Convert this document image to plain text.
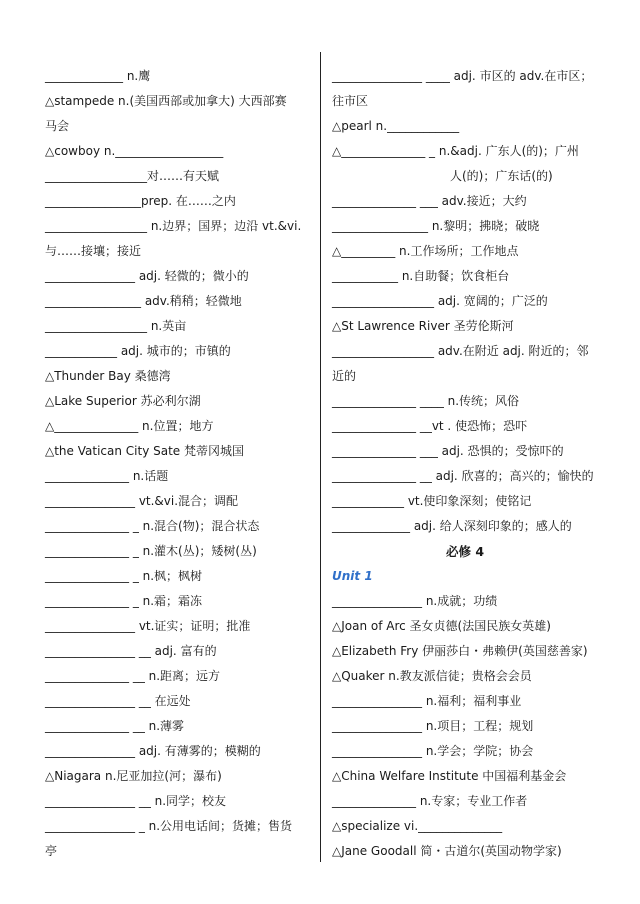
_____________ n.鹰
△stampede n.(美国西部或加拿大) 大西部赛
马会
△cowboy n.__________________
_________________对……有天赋
________________prep. 在……之内
_________________ n.边界；国界；边沿 vt.&vi.
与……接壤；接近
_______________ adj. 轻微的；微小的
________________ adv.稍稍；轻微地
_________________ n.英亩
____________ adj. 城市的；市镇的
△Thunder Bay 桑德湾
△Lake Superior 苏必利尔湖
△______________ n.位置；地方
△the Vatican City Sate 梵蒂冈城国
______________ n.话题
_______________ vt.&vi.混合；调配
______________ _ n.混合(物)；混合状态
______________ _ n.灌木(丛)；矮树(丛)
______________ _ n.枫；枫树
______________ _ n.霜；霜冻
_______________ vt.证实；证明；批准
_______________ __ adj. 富有的
______________ __ n.距离；远方
_______________ __ 在远处
______________ __ n.薄雾
_______________ adj. 有薄雾的；模糊的
△Niagara n.尼亚加拉(河；瀑布)
_______________ __ n.同学；校友
_______________ _ n.公用电话间；货摊；售货
亭
_______________ ____ adj. 市区的 adv.在市区；
往市区
△pearl n.____________
△______________ _ n.&adj. 广东人(的)；广州
人(的)；广东话(的)
______________ ___ adv.接近；大约
________________ n.黎明；拂晓；破晓
△_________ n.工作场所；工作地点
___________ n.自助餐；饮食柜台
_________________ adj. 宽阔的；广泛的
△St Lawrence River 圣劳伦斯河
_________________ adv.在附近 adj. 附近的；邻
近的
______________ ____ n.传统；风俗
______________ __vt . 使恐怖；恐吓
______________ ___ adj. 恐惧的；受惊吓的
______________ __ adj. 欣喜的；高兴的；愉快的
____________ vt.使印象深刻；使铭记
_____________ adj. 给人深刻印象的；感人的
必修 4
Unit 1
_______________ n.成就；功绩
△Joan of Arc 圣女贞德(法国民族女英雄)
△Elizabeth Fry 伊丽莎白・弗赖伊(英国慈善家)
△Quaker n.教友派信徒；贵格会会员
_______________ n.福利；福利事业
_______________ n.项目；工程；规划
_______________ n.学会；学院；协会
△China Welfare Institute 中国福利基金会
______________ n.专家；专业工作者
△specialize vi.______________
△Jane Goodall 简・古道尔(英国动物学家)
